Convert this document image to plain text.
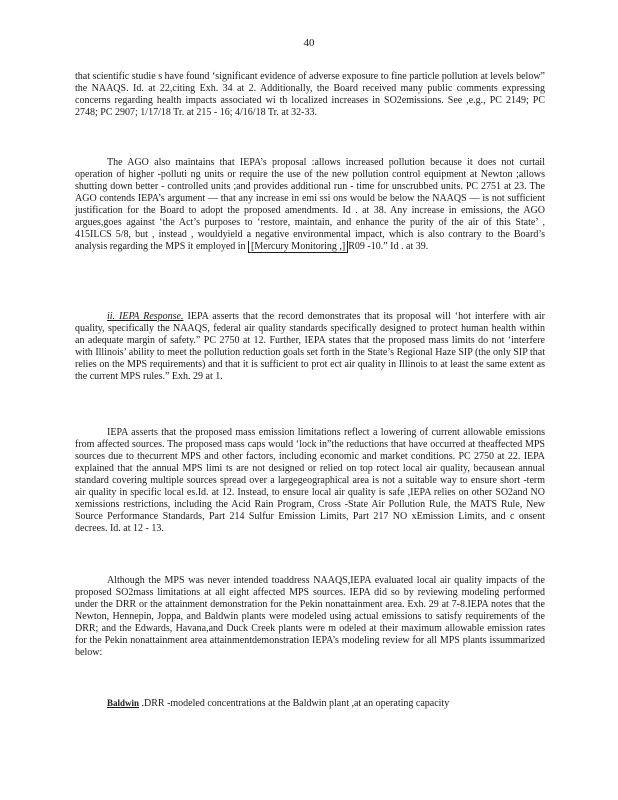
40

that scientific studie s have found ‘significant evidence of adverse exposure to fine particle pollution at levels below” the NAAQS. Id. at 22,citing Exh. 34 at 2. Additionally, the Board received many public comments expressing concerns regarding health impacts associated wi th localized increases in SO2emissions. See ,e.g., PC 2149; PC 2748; PC 2907; 1/17/18 Tr. at 215 - 16; 4/16/18 Tr. at 32-33.

The AGO also maintains that IEPA’s proposal :allows increased pollution because it does not curtail operation of higher -polluti ng units or require the use of the new pollution control equipment at Newton ;allows shutting down better - controlled units ;and provides additional run - time for unscrubbed units. PC 2751 at 23. The AGO contends IEPA’s argument — that any increase in emi ssi ons would be below the NAAQS — is not sufficient justification for the Board to adopt the proposed amendments. Id . at 38. Any increase in emissions, the AGO argues,goes against ‘the Act’s purposes to ‘restore, maintain, and enhance the purity of the air of this State’ , 415ILCS 5/8, but , instead , wouldyield a negative environmental impact, which is also contrary to the Board’s analysis regarding the MPS it employed in [Mercury Monitoring ,] R09 -10.” Id . at 39.

ii. IEPA Response. IEPA asserts that the record demonstrates that its proposal will ‘hot interfere with air quality, specifically the NAAQS, federal air quality standards specifically designed to protect human health within an adequate margin of safety.” PC 2750 at 12. Further, IEPA states that the proposed mass limits do not ‘interfere with Illinois’ ability to meet the pollution reduction goals set forth in the State’s Regional Haze SIP (the only SIP that relies on the MPS requirements) and that it is sufficient to prot ect air quality in Illinois to at least the same extent as the current MPS rules.” Exh. 29 at 1.

IEPA asserts that the proposed mass emission limitations reflect a lowering of current allowable emissions from affected sources. The proposed mass caps would ‘lock in”the reductions that have occurred at theaffected MPS sources due to thecurrent MPS and other factors, including economic and market conditions. PC 2750 at 22. IEPA explained that the annual MPS limi ts are not designed or relied on top rotect local air quality, becausean annual standard covering multiple sources spread over a largegeographical area is not a suitable way to ensure short -term air quality in specific local es.Id. at 12. Instead, to ensure local air quality is safe ,IEPA relies on other SO2and NO xemissions restrictions, including the Acid Rain Program, Cross -State Air Pollution Rule, the MATS Rule, New Source Performance Standards, Part 214 Sulfur Emission Limits, Part 217 NO xEmission Limits, and c onsent decrees. Id. at 12 - 13.

Although the MPS was never intended toaddress NAAQS,IEPA evaluated local air quality impacts of the proposed SO2mass limitations at all eight affected MPS sources. IEPA did so by reviewing modeling performed under the DRR or the attainment demonstration for the Pekin nonattainment area. Exh. 29 at 7-8.IEPA notes that the Newton, Hennepin, Joppa, and Baldwin plants were modeled using actual emissions to satisfy requirements of the DRR; and the Edwards, Havana,and Duck Creek plants were m odeled at their maximum allowable emission rates for the Pekin nonattainment area attainmentdemonstration IEPA’s modeling review for all MPS plants issummarized below:

Baldwin .DRR -modeled concentrations at the Baldwin plant ,at an operating capacity
